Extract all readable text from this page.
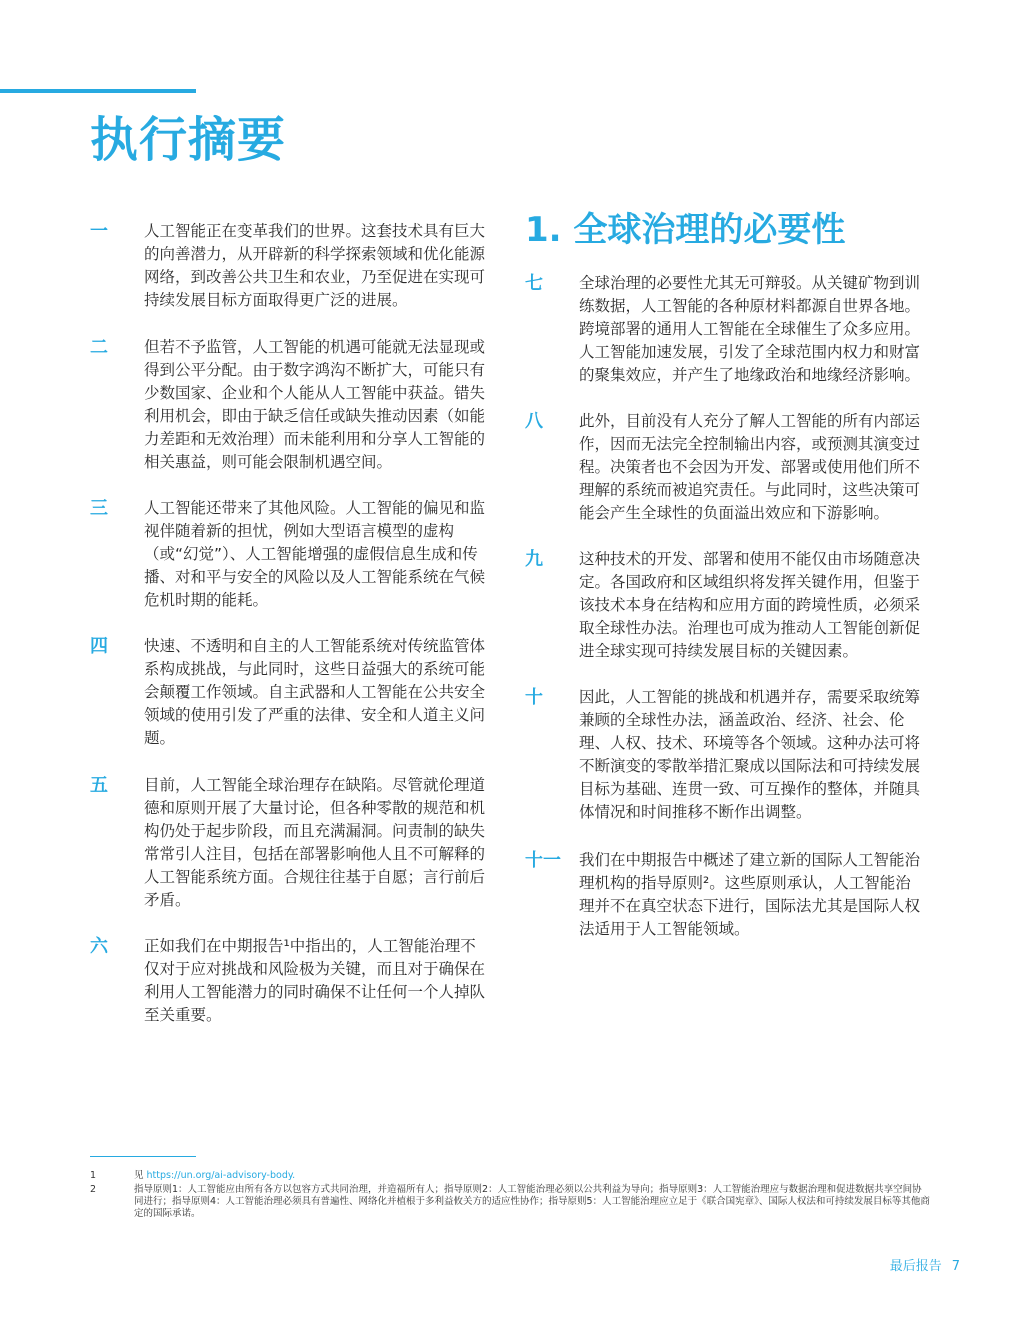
执行摘要
1. 全球治理的必要性
一	人工智能正在变革我们的世界。这套技术具有巨大的向善潜力，从开辟新的科学探索领域和优化能源网络，到改善公共卫生和农业，乃至促进在实现可持续发展目标方面取得更广泛的进展。
二	但若不予监管，人工智能的机遇可能就无法显现或得到公平分配。由于数字鸿沟不断扩大，可能只有少数国家、企业和个人能从人工智能中获益。错失利用机会，即由于缺乏信任或缺失推动因素（如能力差距和无效治理）而未能利用和分享人工智能的相关惠益，则可能会限制机遇空间。
三	人工智能还带来了其他风险。人工智能的偏见和监视伴随着新的担忧，例如大型语言模型的虚构（或“幻觉”）、人工智能增强的虚假信息生成和传播、对和平与安全的风险以及人工智能系统在气候危机时期的能耗。
四	快速、不透明和自主的人工智能系统对传统监管体系构成挑战，与此同时，这些日益强大的系统可能会颠覆工作领域。自主武器和人工智能在公共安全领域的使用引发了严重的法律、安全和人道主义问题。
五	目前，人工智能全球治理存在缺陷。尽管就伦理道德和原则开展了大量讨论，但各种零散的规范和机构仍处于起步阶段，而且充满漏洞。问责制的缺失常常引人注目，包括在部署影响他人且不可解释的人工智能系统方面。合规往往基于自愿；言行前后矛盾。
六	正如我们在中期报告¹中指出的，人工智能治理不仅对于应对挑战和风险极为关键，而且对于确保在利用人工智能潜力的同时确保不让任何一个人掉队至关重要。
七	全球治理的必要性尤其无可辩驳。从关键矿物到训练数据，人工智能的各种原材料都源自世界各地。跨境部署的通用人工智能在全球催生了众多应用。人工智能加速发展，引发了全球范围内权力和财富的聚集效应，并产生了地缘政治和地缘经济影响。
八	此外，目前没有人充分了解人工智能的所有内部运作，因而无法完全控制输出内容，或预测其演变过程。决策者也不会因为开发、部署或使用他们所不理解的系统而被追究责任。与此同时，这些决策可能会产生全球性的负面溢出效应和下游影响。
九	这种技术的开发、部署和使用不能仅由市场随意决定。各国政府和区域组织将发挥关键作用，但鉴于该技术本身在结构和应用方面的跨境性质，必须采取全球性办法。治理也可成为推动人工智能创新促进全球实现可持续发展目标的关键因素。
十	因此，人工智能的挑战和机遇并存，需要采取统筹兼顾的全球性办法，涵盖政治、经济、社会、伦理、人权、技术、环境等各个领域。这种办法可将不断演变的零散举措汇聚成以国际法和可持续发展目标为基础、连贯一致、可互操作的整体，并随具体情况和时间推移不断作出调整。
十一	我们在中期报告中概述了建立新的国际人工智能治理机构的指导原则²。这些原则承认，人工智能治理并不在真空状态下进行，国际法尤其是国际人权法适用于人工智能领域。
1	见 https://un.org/ai-advisory-body.
2	指导原则1：人工智能应由所有各方以包容方式共同治理，并造福所有人；指导原则2：人工智能治理必须以公共利益为导向；指导原则3：人工智能治理应与数据治理和促进数据共享空间协同进行；指导原则4：人工智能治理必须具有普遍性、网络化并植根于多利益攸关方的适应性协作；指导原则5：人工智能治理应立足于《联合国宪章》、国际人权法和可持续发展目标等其他商定的国际承诺。
最后报告 7
